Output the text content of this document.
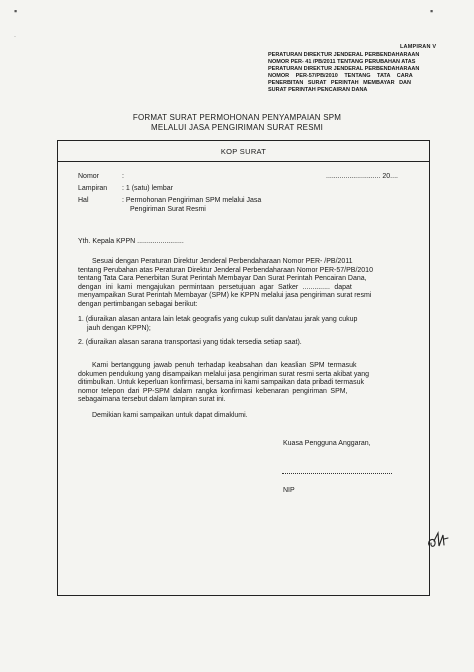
▪	▪
·
LAMPIRAN V
PERATURAN DIREKTUR JENDERAL PERBENDAHARAAN
NOMOR PER- 41 /PB/2011 TENTANG PERUBAHAN ATAS
PERATURAN DIREKTUR JENDERAL PERBENDAHARAAN
NOMOR PER-57/PB/2010 TENTANG TATA CARA
PENERBITAN SURAT PERINTAH MEMBAYAR DAN
SURAT PERINTAH PENCAIRAN DANA
FORMAT SURAT PERMOHONAN PENYAMPAIAN SPM
MELALUI JASA PENGIRIMAN SURAT RESMI
KOP SURAT
Nomor	:	............................ 20....
Lampiran : 1 (satu) lembar
Hal	: Permohonan Pengiriman SPM melalui Jasa
Pengiriman Surat Resmi
Yth. Kepala KPPN ........................
Sesuai dengan Peraturan Direktur Jenderal Perbendaharaan Nomor PER- /PB/2011
tentang Perubahan atas Peraturan Direktur Jenderal Perbendaharaan Nomor PER-57/PB/2010
tentang Tata Cara Penerbitan Surat Perintah Membayar Dan Surat Perintah Pencairan Dana,
dengan ini kami mengajukan permintaan persetujuan agar Satker .............. dapat
menyampaikan Surat Perintah Membayar (SPM) ke KPPN melalui jasa pengiriman surat resmi
dengan pertimbangan sebagai berikut:
1. (diuraikan alasan antara lain letak geografis yang cukup sulit dan/atau jarak yang cukup
jauh dengan KPPN);
2. (diuraikan alasan sarana transportasi yang tidak tersedia setiap saat).
Kami bertanggung jawab penuh terhadap keabsahan dan keaslian SPM termasuk
dokumen pendukung yang disampaikan melalui jasa pengiriman surat resmi serta akibat yang
ditimbulkan. Untuk keperluan konfirmasi, bersama ini kami sampaikan data pribadi termasuk
nomor telepon dari PP-SPM dalam rangka konfirmasi kebenaran pengiriman SPM,
sebagaimana tersebut dalam lampiran surat ini.
Demikian kami sampaikan untuk dapat dimaklumi.
Kuasa Pengguna Anggaran,
NIP
